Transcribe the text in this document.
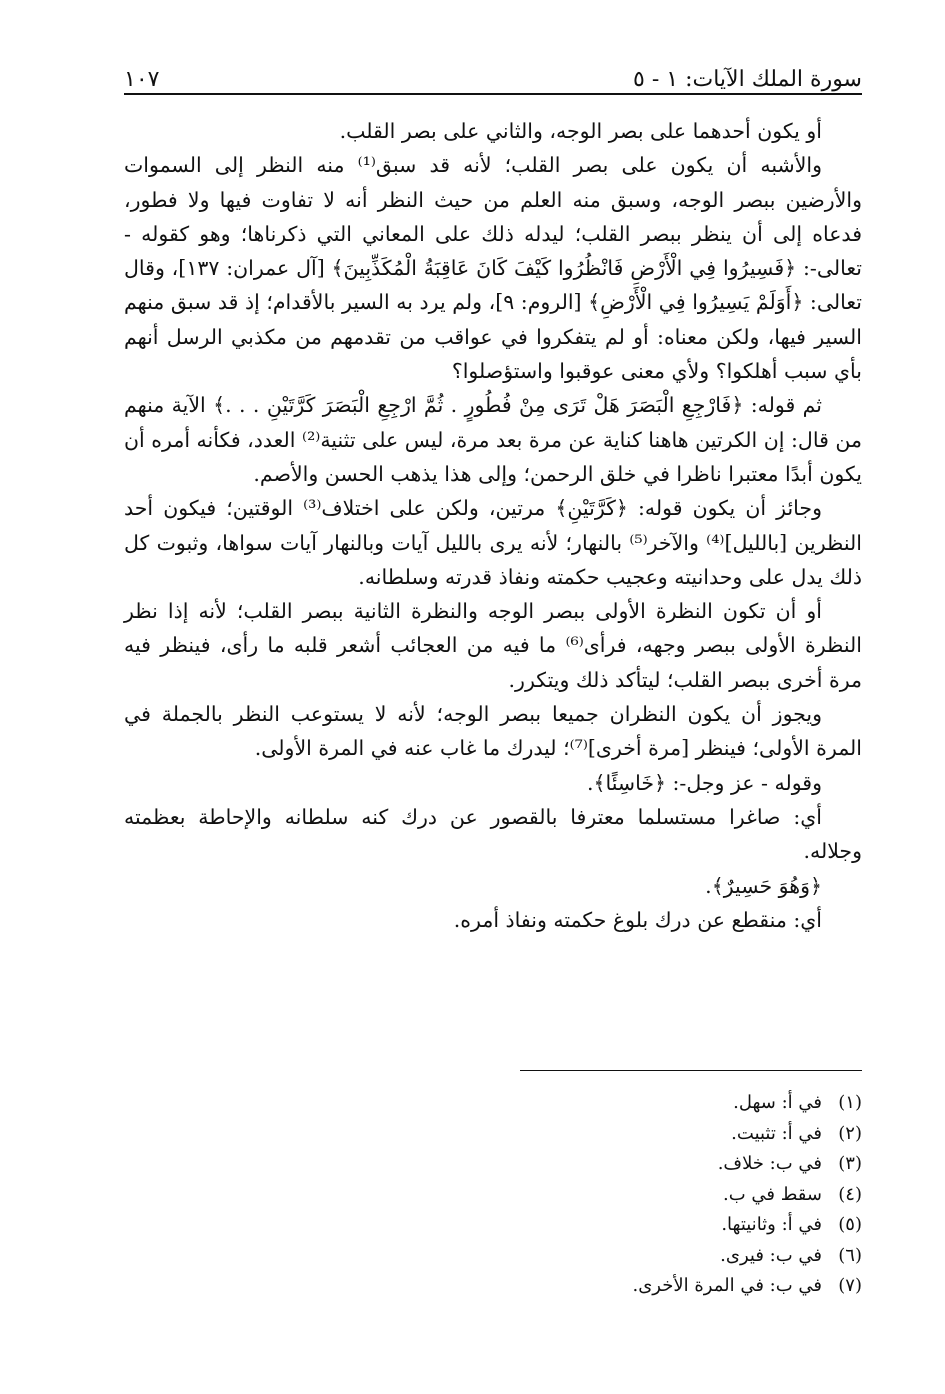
سورة الملك الآيات: ١ - ٥
١٠٧

أو يكون أحدهما على بصر الوجه، والثاني على بصر القلب.

والأشبه أن يكون على بصر القلب؛ لأنه قد سبق⁽¹⁾ منه النظر إلى السموات والأرضين ببصر الوجه، وسبق منه العلم من حيث النظر أنه لا تفاوت فيها ولا فطور، فدعاه إلى أن ينظر ببصر القلب؛ ليدله ذلك على المعاني التي ذكرناها؛ وهو كقوله - تعالى-: ﴿فَسِيرُوا فِي الْأَرْضِ فَانْظُرُوا كَيْفَ كَانَ عَاقِبَةُ الْمُكَذِّبِينَ﴾ [آل عمران: ١٣٧]، وقال تعالى: ﴿أَوَلَمْ يَسِيرُوا فِي الْأَرْضِ﴾ [الروم: ٩]، ولم يرد به السير بالأقدام؛ إذ قد سبق منهم السير فيها، ولكن معناه: أو لم يتفكروا في عواقب من تقدمهم من مكذبي الرسل أنهم بأي سبب أهلكوا؟ ولأي معنى عوقبوا واستؤصلوا؟

ثم قوله: ﴿فَارْجِعِ الْبَصَرَ هَلْ تَرَى مِنْ فُطُورٍ . ثُمَّ ارْجِعِ الْبَصَرَ كَرَّتَيْنِ . . .﴾ الآية منهم من قال: إن الكرتين هاهنا كناية عن مرة بعد مرة، ليس على تثنية⁽²⁾ العدد، فكأنه أمره أن يكون أبدًا معتبرا ناظرا في خلق الرحمن؛ وإلى هذا يذهب الحسن والأصم.

وجائز أن يكون قوله: ﴿كَرَّتَيْنِ﴾ مرتين، ولكن على اختلاف⁽³⁾ الوقتين؛ فيكون أحد النظرين [بالليل]⁽⁴⁾ والآخر⁽⁵⁾ بالنهار؛ لأنه يرى بالليل آيات وبالنهار آيات سواها، وثبوت كل ذلك يدل على وحدانيته وعجيب حكمته ونفاذ قدرته وسلطانه.

أو أن تكون النظرة الأولى ببصر الوجه والنظرة الثانية ببصر القلب؛ لأنه إذا نظر النظرة الأولى ببصر وجهه، فرأى⁽⁶⁾ ما فيه من العجائب أشعر قلبه ما رأى، فينظر فيه مرة أخرى ببصر القلب؛ ليتأكد ذلك ويتكرر.

ويجوز أن يكون النظران جميعا ببصر الوجه؛ لأنه لا يستوعب النظر بالجملة في المرة الأولى؛ فينظر [مرة أخرى]⁽⁷⁾؛ ليدرك ما غاب عنه في المرة الأولى.

وقوله - عز وجل-: ﴿خَاسِئًا﴾.

أي: صاغرا مستسلما معترفا بالقصور عن درك كنه سلطانه والإحاطة بعظمته وجلاله.

﴿وَهُوَ حَسِيرٌ﴾.

أي: منقطع عن درك بلوغ حكمته ونفاذ أمره.

(١)
في أ: سهل.
(٢)
في أ: تثبيت.
(٣)
في ب: خلاف.
(٤)
سقط في ب.
(٥)
في أ: وثانيتها.
(٦)
في ب: فيرى.
(٧)
في ب: في المرة الأخرى.
